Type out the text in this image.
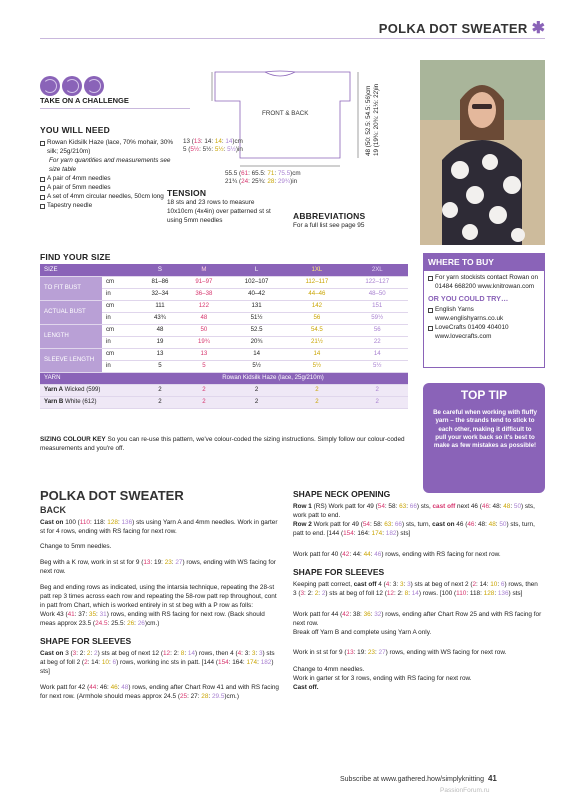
POLKA DOT SWEATER ✱
TAKE ON A CHALLENGE
YOU WILL NEED
Rowan Kidsilk Haze (lace, 70% mohair, 30% silk; 25g/210m)
For yarn quantities and measurements see size table
A pair of 4mm needles
A pair of 5mm needles
A set of 4mm circular needles, 50cm long
Tapestry needle
FRONT & BACK
13 (13: 14: 14: 14)cm
5 (5½: 5½: 5½: 5½)in
55.5 (61: 65.5: 71: 75.5)cm
21¾ (24: 25¾: 28: 29¾)in
48 (50: 52.5: 54.5: 56)cm 19 (19¾: 20¾: 21½: 22)in
TENSION

18 sts and 23 rows to measure 10x10cm (4x4in) over patterned st st using 5mm needles	ABBREVIATIONS

For a full list see page 95

FIND YOUR SIZE
SIZE		S	M	L	1XL	2XL
TO FIT BUST	cm	81–86	91–97	102–107	112–117	122–127
	in	32–34	36–38	40–42	44–46	48–50
ACTUAL BUST	cm	111	122	131	142	151
	in	43¾	48	51½	56	59½
LENGTH	cm	48	50	52.5	54.5	56
	in	19	19¾	20¾	21½	22
SLEEVE LENGTH	cm	13	13	14	14	14
	in	5	5	5½	5½	5½
YARN		Rowan Kidsilk Haze (lace, 25g/210m)				
Yarn A Wicked (599)		2	2	2	2	2
Yarn B White (612)		2	2	2	2	2
SIZING COLOUR KEY So you can re-use this pattern, we've colour-coded the sizing instructions. Simply follow our colour-coded measurements and you're off.
WHERE TO BUY
For yarn stockists contact Rowan on 01484 668200 www.knitrowan.com
OR YOU COULD TRY…
English Yarns www.englishyarns.co.uk
LoveCrafts 01409 404010 www.lovecrafts.com
TOP TIP
Be careful when working with fluffy yarn – the strands tend to stick to each other, making it difficult to pull your work back so it's best to make as few mistakes as possible!
POLKA DOT SWEATER
BACK

Cast on 100 (110: 118: 128: 136) sts using Yarn A and 4mm needles. Work in garter st for 4 rows, ending with RS facing for next row.

Change to 5mm needles.

Beg with a K row, work in st st for 9 (13: 19: 23: 27) rows, ending with WS facing for next row.

Beg and ending rows as indicated, using the intarsia technique, repeating the 28-st patt rep 3 times across each row and repeating the 58-row patt rep throughout, cont in patt from Chart, which is worked entirely in st st beg with a P row as folls:
Work 43 (41: 37: 35: 31) rows, ending with RS facing for next row. (Back should meas approx 23.5 (24.5: 25.5: 26: 26)cm.)

SHAPE FOR SLEEVES

Cast on 3 (3: 2: 2: 2) sts at beg of next 12 (12: 2: 8: 14) rows, then 4 (4: 3: 3: 3) sts at beg of foll 2 (2: 14: 10: 6) rows, working inc sts in patt. [144 (154: 164: 174: 182) sts]

Work patt for 42 (44: 46: 46: 48) rows, ending after Chart Row 41 and with RS facing for next row. (Armhole should meas approx 24.5 (25: 27: 28: 29.5)cm.)

SHAPE NECK OPENING

Row 1 (RS) Work patt for 49 (54: 58: 63: 66) sts, cast off next 46 (46: 48: 48: 50) sts, work patt to end.
Row 2 Work patt for 49 (54: 58: 63: 66) sts, turn, cast on 46 (46: 48: 48: 50) sts, turn, patt to end. [144 (154: 164: 174: 182) sts]

Work patt for 40 (42: 44: 44: 46) rows, ending with RS facing for next row.

SHAPE FOR SLEEVES

Keeping patt correct, cast off 4 (4: 3: 3: 3) sts at beg of next 2 (2: 14: 10: 6) rows, then 3 (3: 2: 2: 2) sts at beg of foll 12 (12: 2: 8: 14) rows. [100 (110: 118: 128: 136) sts]

Work patt for 44 (42: 38: 36: 32) rows, ending after Chart Row 25 and with RS facing for next row.
Break off Yarn B and complete using Yarn A only.

Work in st st for 9 (13: 19: 23: 27) rows, ending with WS facing for next row.

Change to 4mm needles.
Work in garter st for 3 rows, ending with RS facing for next row.
Cast off.

Subscribe at www.gathered.how/simplyknitting 41
PassionForum.ru
